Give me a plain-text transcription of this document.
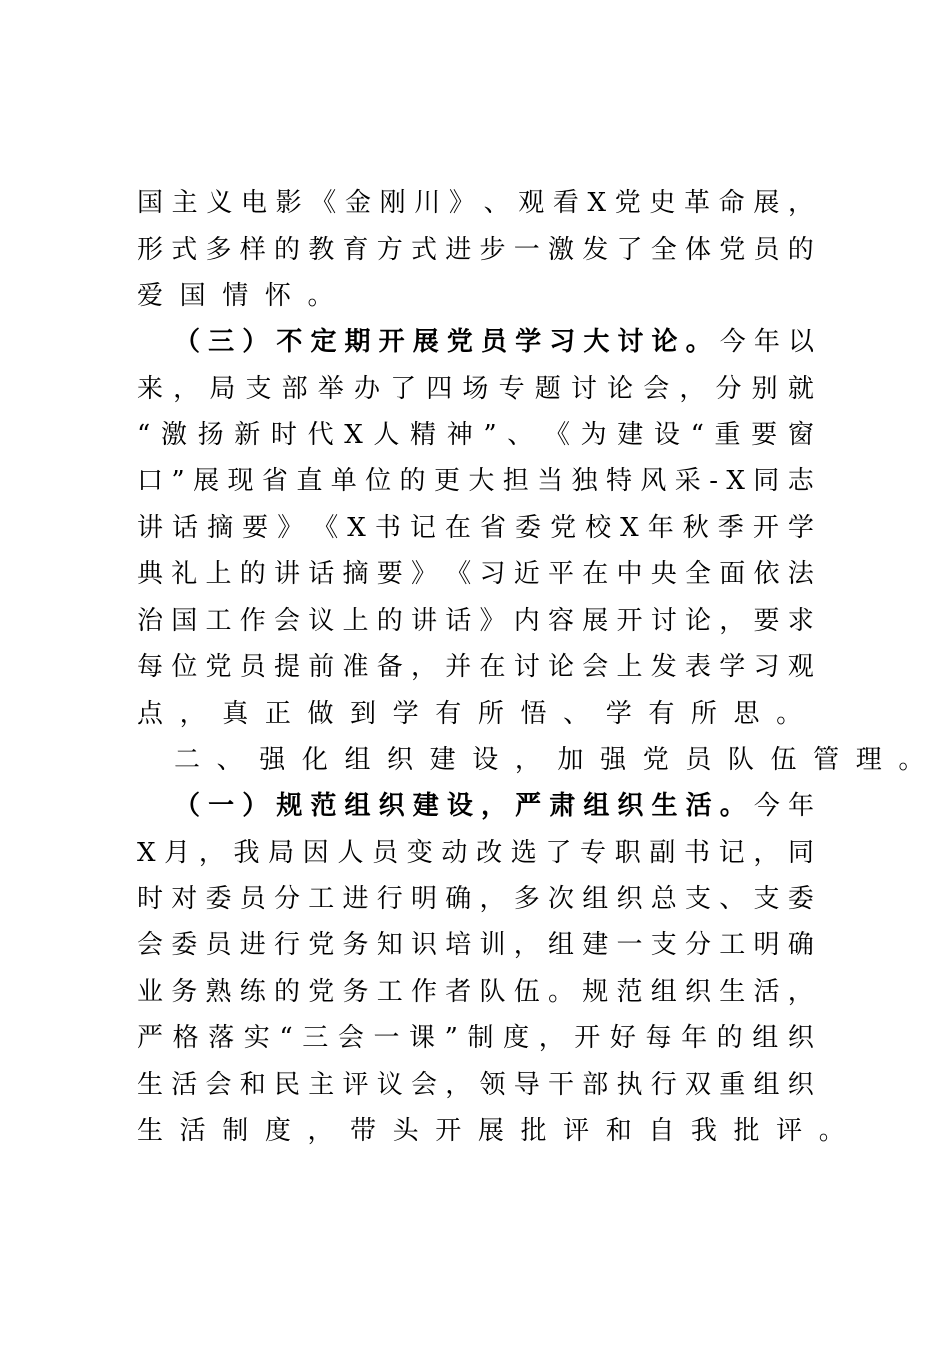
国 主 义 电 影 《 金 刚 川 》 、 观 看 X 党 史 革 命 展 ，
形 式 多 样 的 教 育 方 式 进 步 一 激 发 了 全 体 党 员 的
爱 国 情 怀 。
（ 三 ） 不 定 期 开 展 党 员 学 习 大 讨 论 。 今 年 以
来 ， 局 支 部 举 办 了 四 场 专 题 讨 论 会 ， 分 别 就
“ 激 扬 新 时 代 X 人 精 神 ” 、 《 为 建 设 “ 重 要 窗
口 ” 展 现 省 直 单 位 的 更 大 担 当 独 特 风 采 - X 同 志
讲 话 摘 要 》 《 X 书 记 在 省 委 党 校 X 年 秋 季 开 学
典 礼 上 的 讲 话 摘 要 》 《 习 近 平 在 中 央 全 面 依 法
治 国 工 作 会 议 上 的 讲 话 》 内 容 展 开 讨 论 ， 要 求
每 位 党 员 提 前 准 备 ， 并 在 讨 论 会 上 发 表 学 习 观
点 ， 真 正 做 到 学 有 所 悟 、 学 有 所 思 。
二 、 强 化 组 织 建 设 ， 加 强 党 员 队 伍 管 理 。
（ 一 ） 规 范 组 织 建 设 ， 严 肃 组 织 生 活 。 今 年
X 月 ， 我 局 因 人 员 变 动 改 选 了 专 职 副 书 记 ， 同
时 对 委 员 分 工 进 行 明 确 ， 多 次 组 织 总 支 、 支 委
会 委 员 进 行 党 务 知 识 培 训 ， 组 建 一 支 分 工 明 确
业 务 熟 练 的 党 务 工 作 者 队 伍 。 规 范 组 织 生 活 ，
严 格 落 实 “ 三 会 一 课 ” 制 度 ， 开 好 每 年 的 组 织
生 活 会 和 民 主 评 议 会 ， 领 导 干 部 执 行 双 重 组 织
生 活 制 度 ， 带 头 开 展 批 评 和 自 我 批 评 。
